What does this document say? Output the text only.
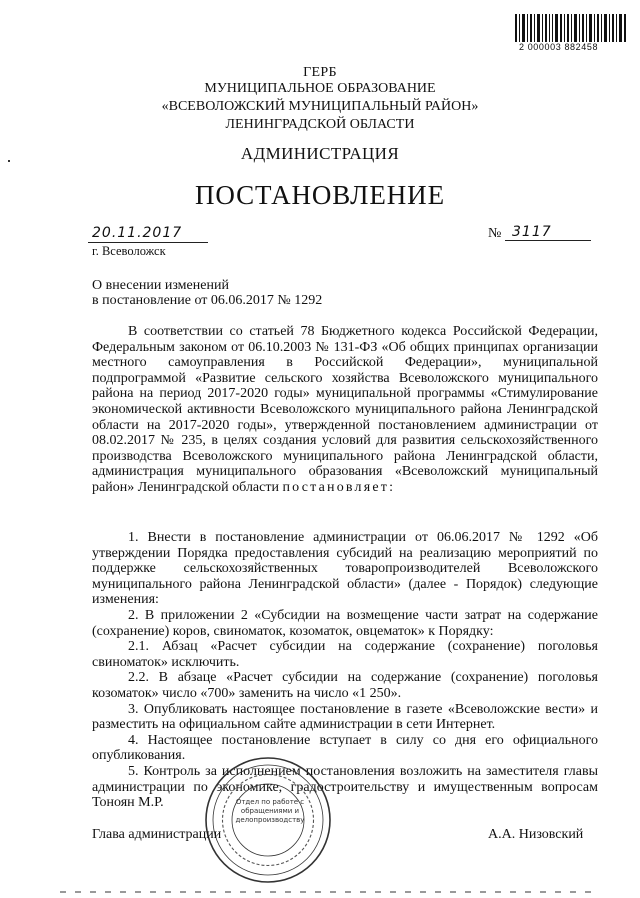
2 000003 882458
ГЕРБ
МУНИЦИПАЛЬНОЕ ОБРАЗОВАНИЕ
«ВСЕВОЛОЖСКИЙ МУНИЦИПАЛЬНЫЙ РАЙОН»
ЛЕНИНГРАДСКОЙ ОБЛАСТИ
АДМИНИСТРАЦИЯ
ПОСТАНОВЛЕНИЕ
20.11.2017
г. Всеволожск
№ 3117
О внесении изменений
в постановление от 06.06.2017 № 1292
В соответствии со статьей 78 Бюджетного кодекса Российской Федерации, Федеральным законом от 06.10.2003 № 131-ФЗ «Об общих принципах организации местного самоуправления в Российской Федерации», муниципальной подпрограммой «Развитие сельского хозяйства Всеволожского муниципального района на период 2017-2020 годы» муниципальной программы «Стимулирование экономической активности Всеволожского муниципального района Ленинградской области на 2017-2020 годы», утвержденной постановлением администрации от 08.02.2017 № 235, в целях создания условий для развития сельскохозяйственного производства Всеволожского муниципального района Ленинградской области, администрация муниципального образования «Всеволожский муниципальный район» Ленинградской области постановляет:

1. Внести в постановление администрации от 06.06.2017 № 1292 «Об утверждении Порядка предоставления субсидий на реализацию мероприятий по поддержке сельскохозяйственных товаропроизводителей Всеволожского муниципального района Ленинградской области» (далее - Порядок) следующие изменения:

2. В приложении 2 «Субсидии на возмещение части затрат на содержание (сохранение) коров, свиноматок, козоматок, овцематок» к Порядку:

2.1. Абзац «Расчет субсидии на содержание (сохранение) поголовья свиноматок» исключить.

2.2. В абзаце «Расчет субсидии на содержание (сохранение) поголовья козоматок» число «700» заменить на число «1 250».

3. Опубликовать настоящее постановление в газете «Всеволожские вести» и разместить на официальном сайте администрации в сети Интернет.

4. Настоящее постановление вступает в силу со дня его официального опубликования.

5. Контроль за исполнением постановления возложить на заместителя главы администрации по экономике, градостроительству и имущественным вопросам Тоноян М.Р.	Отдел по работе с обращениями и делопроизводству
Глава администрации	А.А. Низовский
